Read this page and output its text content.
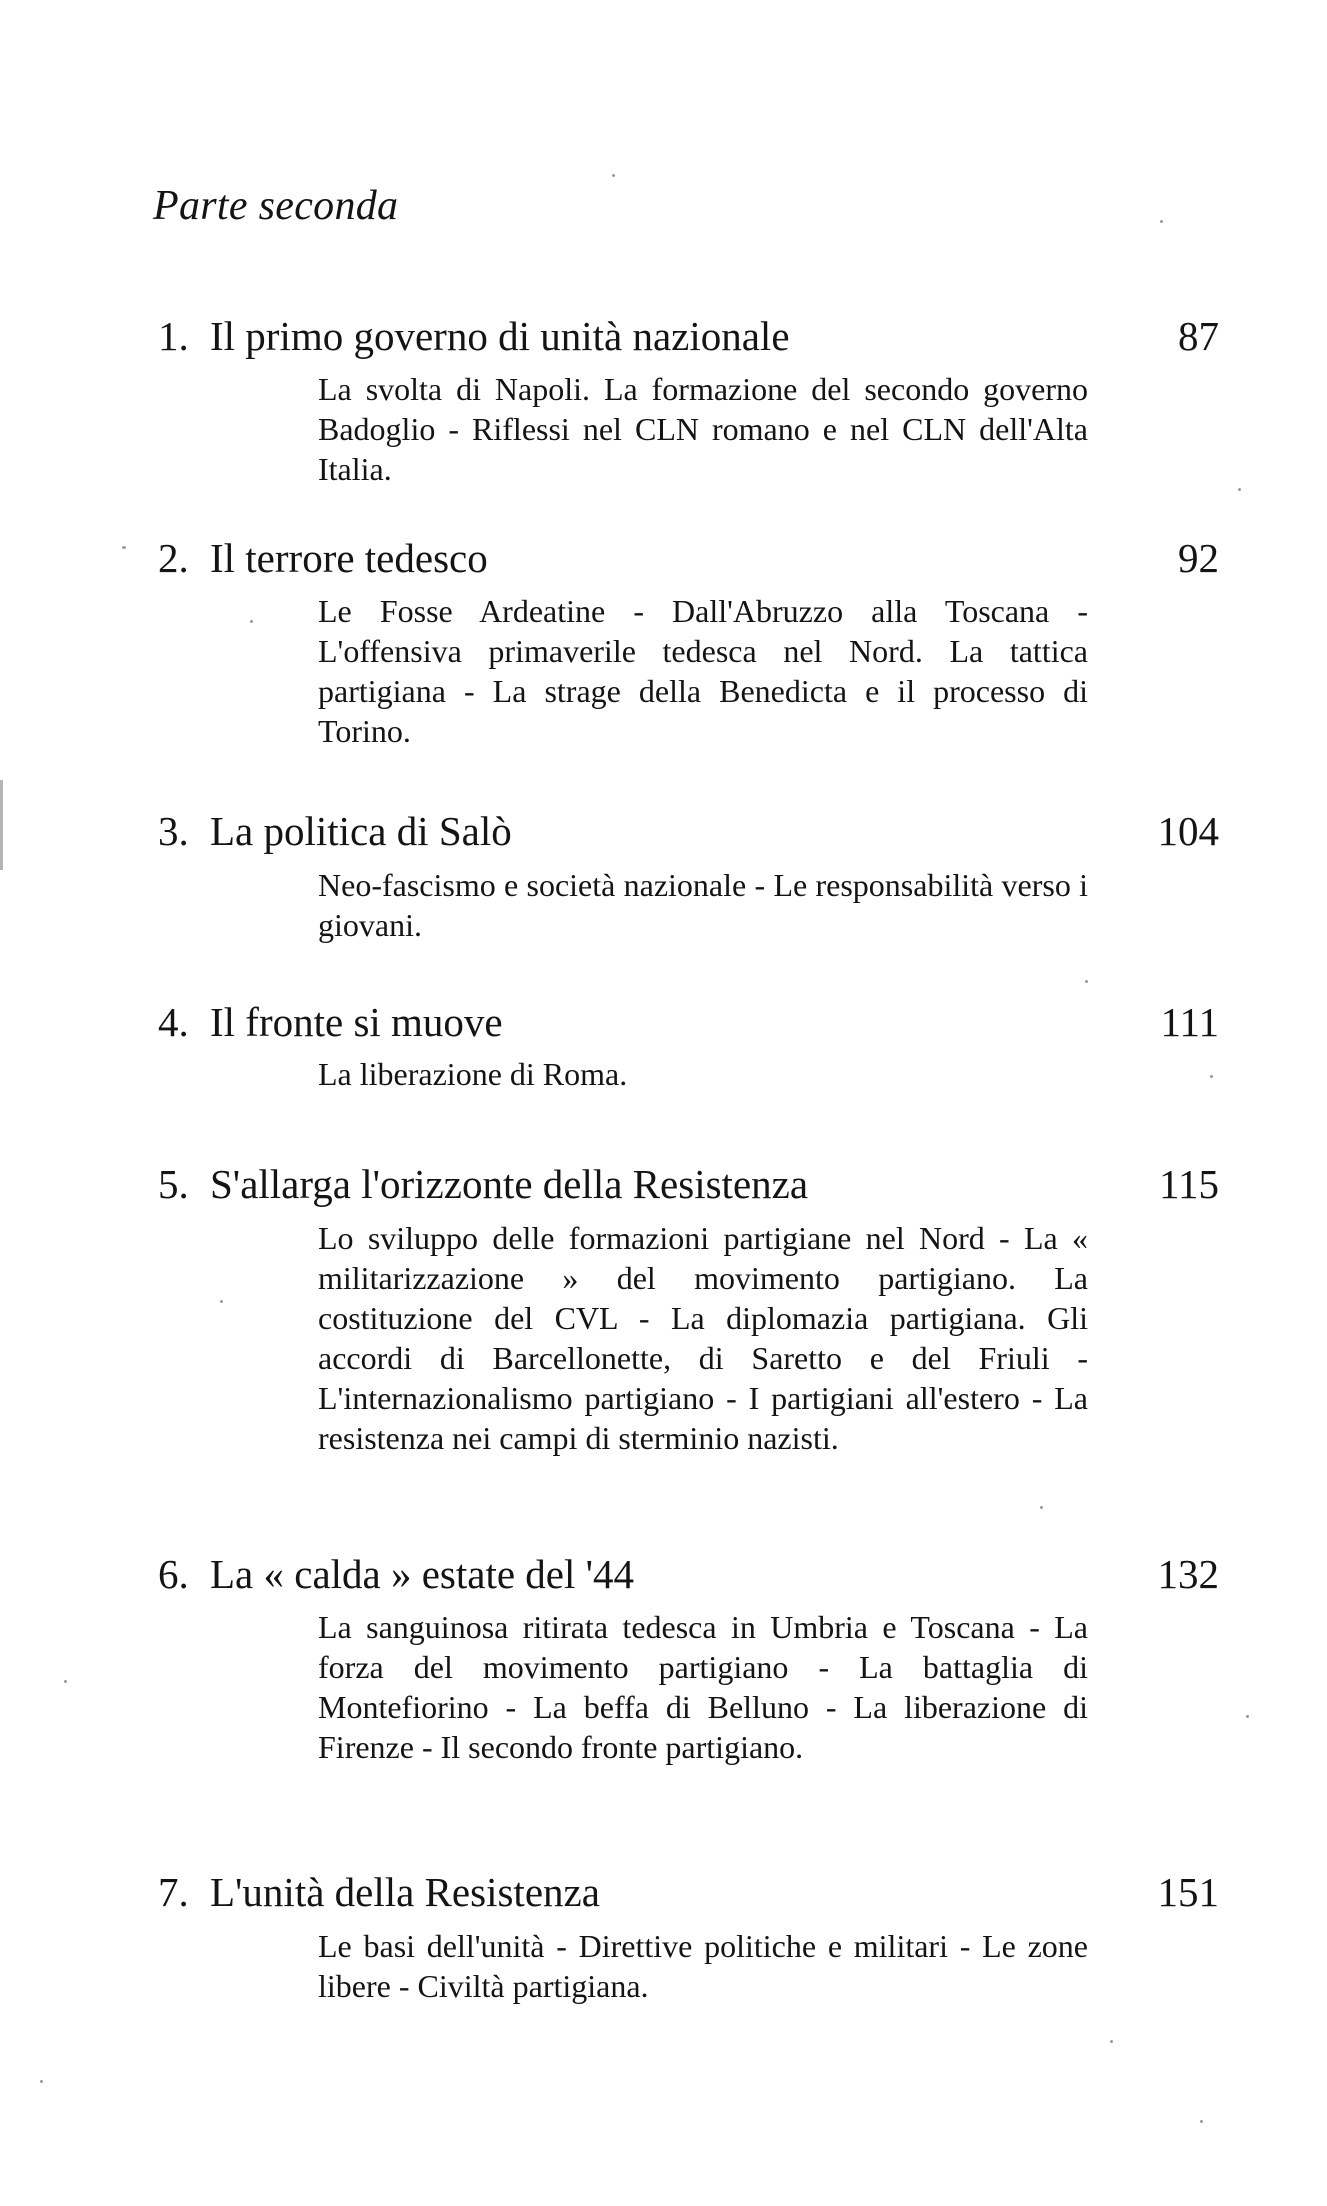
Parte seconda
1. Il primo governo di unità nazionale	87
La svolta di Napoli. La formazione del secondo governo Badoglio - Riflessi nel CLN romano e nel CLN dell'Alta Italia.
2. Il terrore tedesco	92
Le Fosse Ardeatine - Dall'Abruzzo alla Toscana - L'offensiva primaverile tedesca nel Nord. La tattica partigiana - La strage della Benedicta e il processo di Torino.
3. La politica di Salò	104
Neo-fascismo e società nazionale - Le responsabilità verso i giovani.
4. Il fronte si muove	111
La liberazione di Roma.
5. S'allarga l'orizzonte della Resistenza	115
Lo sviluppo delle formazioni partigiane nel Nord - La « militarizzazione » del movimento partigiano. La costituzione del CVL - La diplomazia partigiana. Gli accordi di Barcellonette, di Saretto e del Friuli - L'internazionalismo partigiano - I partigiani all'estero - La resistenza nei campi di sterminio nazisti.
6. La « calda » estate del '44	132
La sanguinosa ritirata tedesca in Umbria e Toscana - La forza del movimento partigiano - La battaglia di Montefiorino - La beffa di Belluno - La liberazione di Firenze - Il secondo fronte partigiano.
7. L'unità della Resistenza	151
Le basi dell'unità - Direttive politiche e militari - Le zone libere - Civiltà partigiana.
